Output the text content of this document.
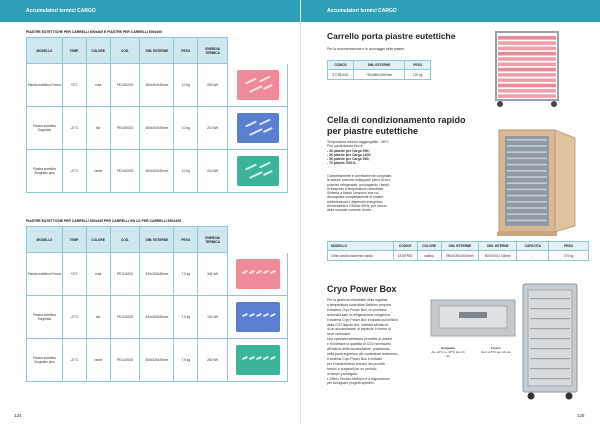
Accumulatori termici CARGO
PIASTRE EUTETTICHE PER CARRELLI 600x400 E PIASTRE PER CARRELLI 600x400
MODELLO	TEMP.	COLORE	COD.	DIM. ESTERNE	PESO	ENERGIA TERMICA	
Piastra eutettica Fresco	+3°C	rosa	PE1000001	600x400x35mm	10 kg	590 Wh	

Piastra eutettica Surgelato	-21°C	blu	PE1000002	600x400x35mm	10 kg	210 Wh	

Piastra eutettica Surgelato plus	-21°C	verde	PE1000003	600x400x35mm	10 kg	420 Wh	
PIASTRE EUTETTICHE PER CARRELLI 530x325 PER CARRELLI GN 1/1 PER CARRELLI 530x325
MODELLO	TEMP.	COLORE	COD.	DIM. ESTERNE	PESO	ENERGIA TERMICA	
Piastra eutettica Fresco	+3°C	rosa	PE1110001	530x325x35mm	7,5 kg	345 Wh	

Piastra eutettica Surgelato	-21°C	blu	PE1110002	530x325x35mm	7,5 kg	130 Wh	

Piastra eutettica Surgelato plus	-21°C	verde	PE1110003	530x325x35mm	7,5 kg	250 Wh	
124
Accumulatori termici CARGO
Carrello porta piastre eutettiche
Per la movimentazione e lo stoccaggio delle piastre.
CODICE	DIM. ESTERNE	PESO
377281002	730x680x1950mm	120 kg
Cella di condizionamento rapido
per piastre eutettiche
Temperatura minima raggiungibile: -38°C.
Può condizionare fino a:
- 36 piastre per Cargo 990;
- 36 piastre per Cargo 1100;
- 56 piastre per Cargo 560;
- 72 piastre GN1/1.
Completamente e correttamente congelate,
le piastre possono sviluppare pieno la loro
potenza refrigerante, prolungando i tempi
di trasporto a temperatura controllata.
Sistema a basso consumo con cui
dicongelare completamente le piastre
minimizzando il dispendio energetico.
Alimentabile a 230Vac 50Hz, per mezzo
della normale corrente di rete.
MODELLO	CODICE	COLORE	DIM. ESTERNE	DIM. INTERNE	CAPACITÀ	PESO
Cella condizionamento rapido	1816FR01	sabbia	950x1050x2000mm	800x910x1745mm	-	275 kg
Cryo Power Box
Per la gestione industriale della logistica
a temperatura controllata Meiform propone
il sistema Cryo Power Box, un processo
automatizzato di refrigerazione criogenica.
Il sistema Cryo Power Box è basato sull'utilizzo
della CO2 liquida che, iniettata all'interno
di un accumulatore, si espande in forma di
neve carbonica.
Una speciale interfaccia permette di dosare
e di iniettare la quantità di CO2 necessaria
all'interno della accumulatore, posizionato
nella parte superiore del contenitore isotermico.
Il sistema Cryo Power Box è indicato
per il trasferimento termico dei prodotti
freschi e surgelati per un periodo
di tempo prolungato.
L'Ufficio Tecnico Meiform è a disposizione
per sviluppare progetti specifici.
Surgelato
da -12°C a -18°C per 24 ore
Fresco
da 2 a 8°C per 24 ore
125
